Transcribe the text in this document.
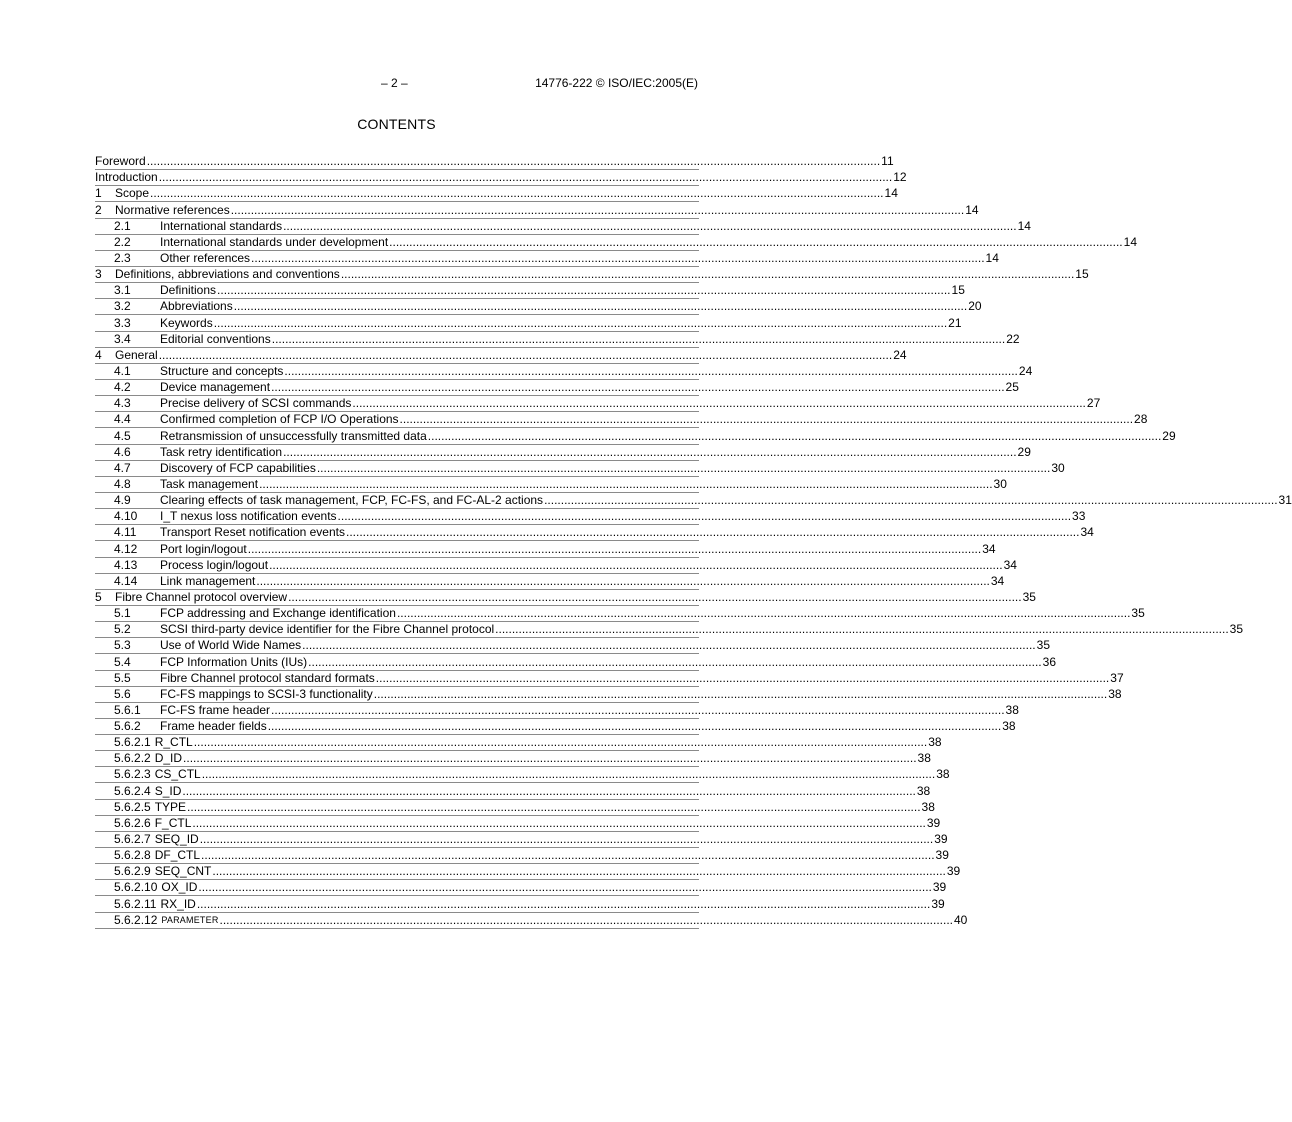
– 2 –	14776-222 © ISO/IEC:2005(E)
CONTENTS
Foreword ............................................................................................................................................................................................................................ 11
Introduction ............................................................................................................................................................................................................................ 12
1	Scope ............................................................................................................................................................................................................................ 14
2	Normative references ............................................................................................................................................................................................................................ 14
2.1	International standards ............................................................................................................................................................................................................................ 14
2.2	International standards under development ............................................................................................................................................................................................................................ 14
2.3	Other references ............................................................................................................................................................................................................................ 14
3	Definitions, abbreviations and conventions ............................................................................................................................................................................................................................ 15
3.1	Definitions ............................................................................................................................................................................................................................ 15
3.2	Abbreviations ............................................................................................................................................................................................................................ 20
3.3	Keywords ............................................................................................................................................................................................................................ 21
3.4	Editorial conventions ............................................................................................................................................................................................................................ 22
4	General ............................................................................................................................................................................................................................ 24
4.1	Structure and concepts ............................................................................................................................................................................................................................ 24
4.2	Device management ............................................................................................................................................................................................................................ 25
4.3	Precise delivery of SCSI commands ............................................................................................................................................................................................................................ 27
4.4	Confirmed completion of FCP I/O Operations ............................................................................................................................................................................................................................ 28
4.5	Retransmission of unsuccessfully transmitted data ............................................................................................................................................................................................................................ 29
4.6	Task retry identification ............................................................................................................................................................................................................................ 29
4.7	Discovery of FCP capabilities ............................................................................................................................................................................................................................ 30
4.8	Task management ............................................................................................................................................................................................................................ 30
4.9	Clearing effects of task management, FCP, FC-FS, and FC-AL-2 actions ............................................................................................................................................................................................................................ 31
4.10	I_T nexus loss notification events ............................................................................................................................................................................................................................ 33
4.11	Transport Reset notification events ............................................................................................................................................................................................................................ 34
4.12	Port login/logout ............................................................................................................................................................................................................................ 34
4.13	Process login/logout ............................................................................................................................................................................................................................ 34
4.14	Link management ............................................................................................................................................................................................................................ 34
5	Fibre Channel protocol overview ............................................................................................................................................................................................................................ 35
5.1	FCP addressing and Exchange identification ............................................................................................................................................................................................................................ 35
5.2	SCSI third-party device identifier for the Fibre Channel protocol ............................................................................................................................................................................................................................ 35
5.3	Use of World Wide Names ............................................................................................................................................................................................................................ 35
5.4	FCP Information Units (IUs) ............................................................................................................................................................................................................................ 36
5.5	Fibre Channel protocol standard formats ............................................................................................................................................................................................................................ 37
5.6	FC-FS mappings to SCSI-3 functionality ............................................................................................................................................................................................................................ 38
5.6.1	FC-FS frame header ............................................................................................................................................................................................................................ 38
5.6.2	Frame header fields ............................................................................................................................................................................................................................ 38
5.6.2.1 R_CTL ............................................................................................................................................................................................................................ 38
5.6.2.2 D_ID ............................................................................................................................................................................................................................ 38
5.6.2.3 CS_CTL ............................................................................................................................................................................................................................ 38
5.6.2.4 S_ID ............................................................................................................................................................................................................................ 38
5.6.2.5 TYPE ............................................................................................................................................................................................................................ 38
5.6.2.6 F_CTL ............................................................................................................................................................................................................................ 39
5.6.2.7 SEQ_ID ............................................................................................................................................................................................................................ 39
5.6.2.8 DF_CTL ............................................................................................................................................................................................................................ 39
5.6.2.9 SEQ_CNT ............................................................................................................................................................................................................................ 39
5.6.2.10 OX_ID ............................................................................................................................................................................................................................ 39
5.6.2.11 RX_ID ............................................................................................................................................................................................................................ 39
5.6.2.12 PARAMETER ............................................................................................................................................................................................................................ 40
